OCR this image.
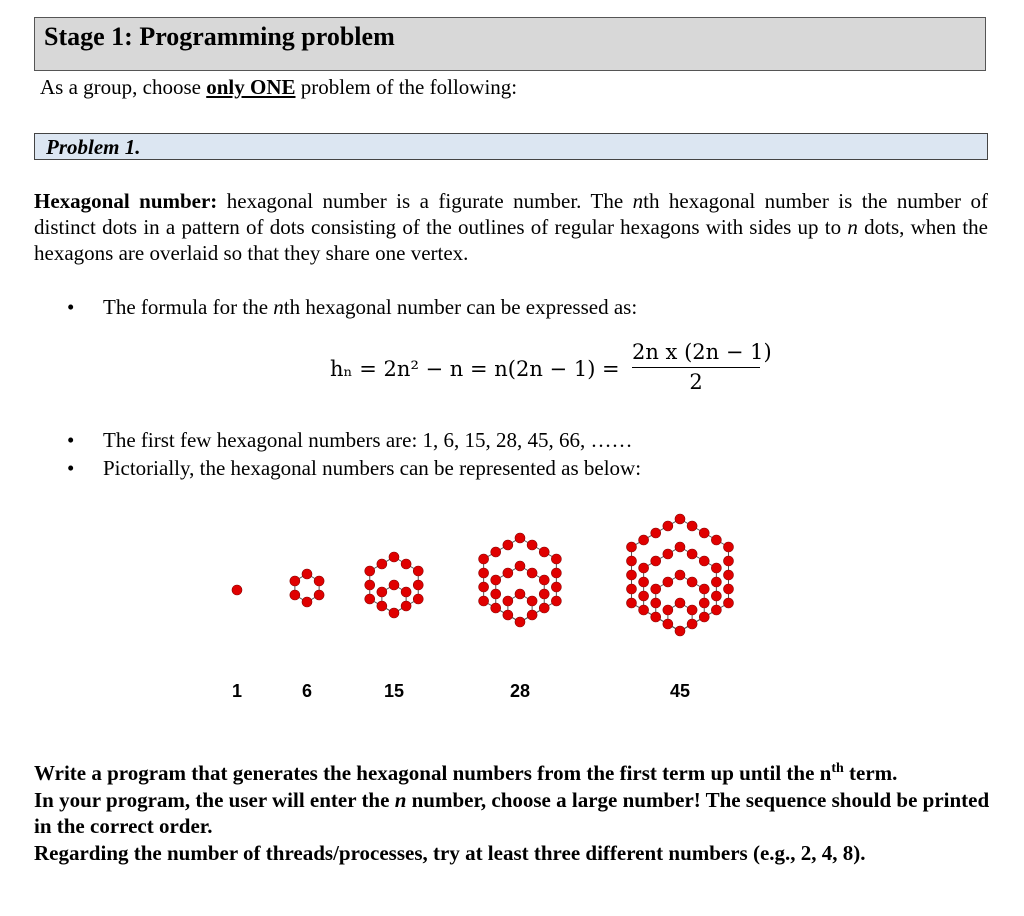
Stage 1: Programming problem
As a group, choose only ONE problem of the following:
Problem 1.
Hexagonal number: hexagonal number is a figurate number. The nth hexagonal number is the number of distinct dots in a pattern of dots consisting of the outlines of regular hexagons with sides up to n dots, when the hexagons are overlaid so that they share one vertex.
• The formula for the nth hexagonal number can be expressed as:
$h_n = 2n^2 - n = n(2n - 1) = \frac{\text{2n x (2n − 1)}}{2}$
• The first few hexagonal numbers are: 1, 6, 15, 28, 45, 66, ……
• Pictorially, the hexagonal numbers can be represented as below:
1	6	15	28	45
Write a program that generates the hexagonal numbers from the first term up until the $n^{th}$ term.
In your program, the user will enter the n number, choose a large number! The sequence should be printed in the correct order.
Regarding the number of threads/processes, try at least three different numbers (e.g., 2, 4, 8).
